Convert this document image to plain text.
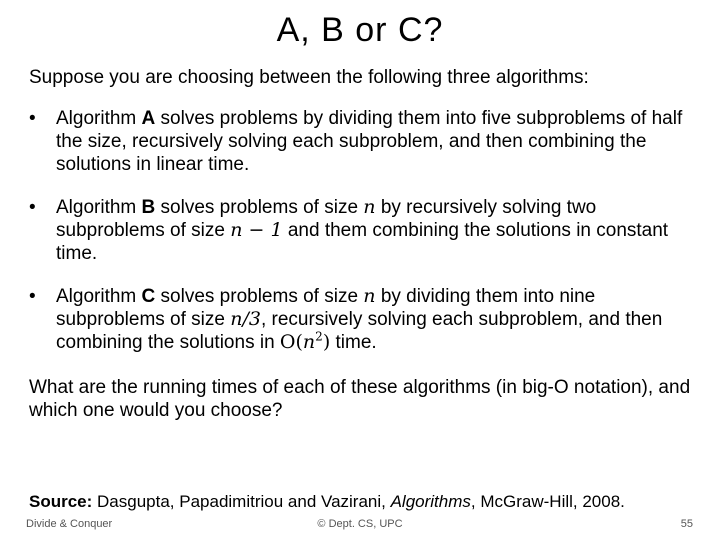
A, B or C?

Suppose you are choosing between the following three algorithms:

• Algorithm A solves problems by dividing them into five subproblems of half the size, recursively solving each subproblem, and then combining the solutions in linear time.
• Algorithm B solves problems of size n by recursively solving two subproblems of size n − 1 and them combining the solutions in constant time.
• Algorithm C solves problems of size n by dividing them into nine subproblems of size n/3, recursively solving each subproblem, and then combining the solutions in $O(n^2)$ time.

What are the running times of each of these algorithms (in big-O notation), and which one would you choose?

Source: Dasgupta, Papadimitriou and Vazirani, Algorithms, McGraw-Hill, 2008.
Divide & Conquer	© Dept. CS, UPC	55
